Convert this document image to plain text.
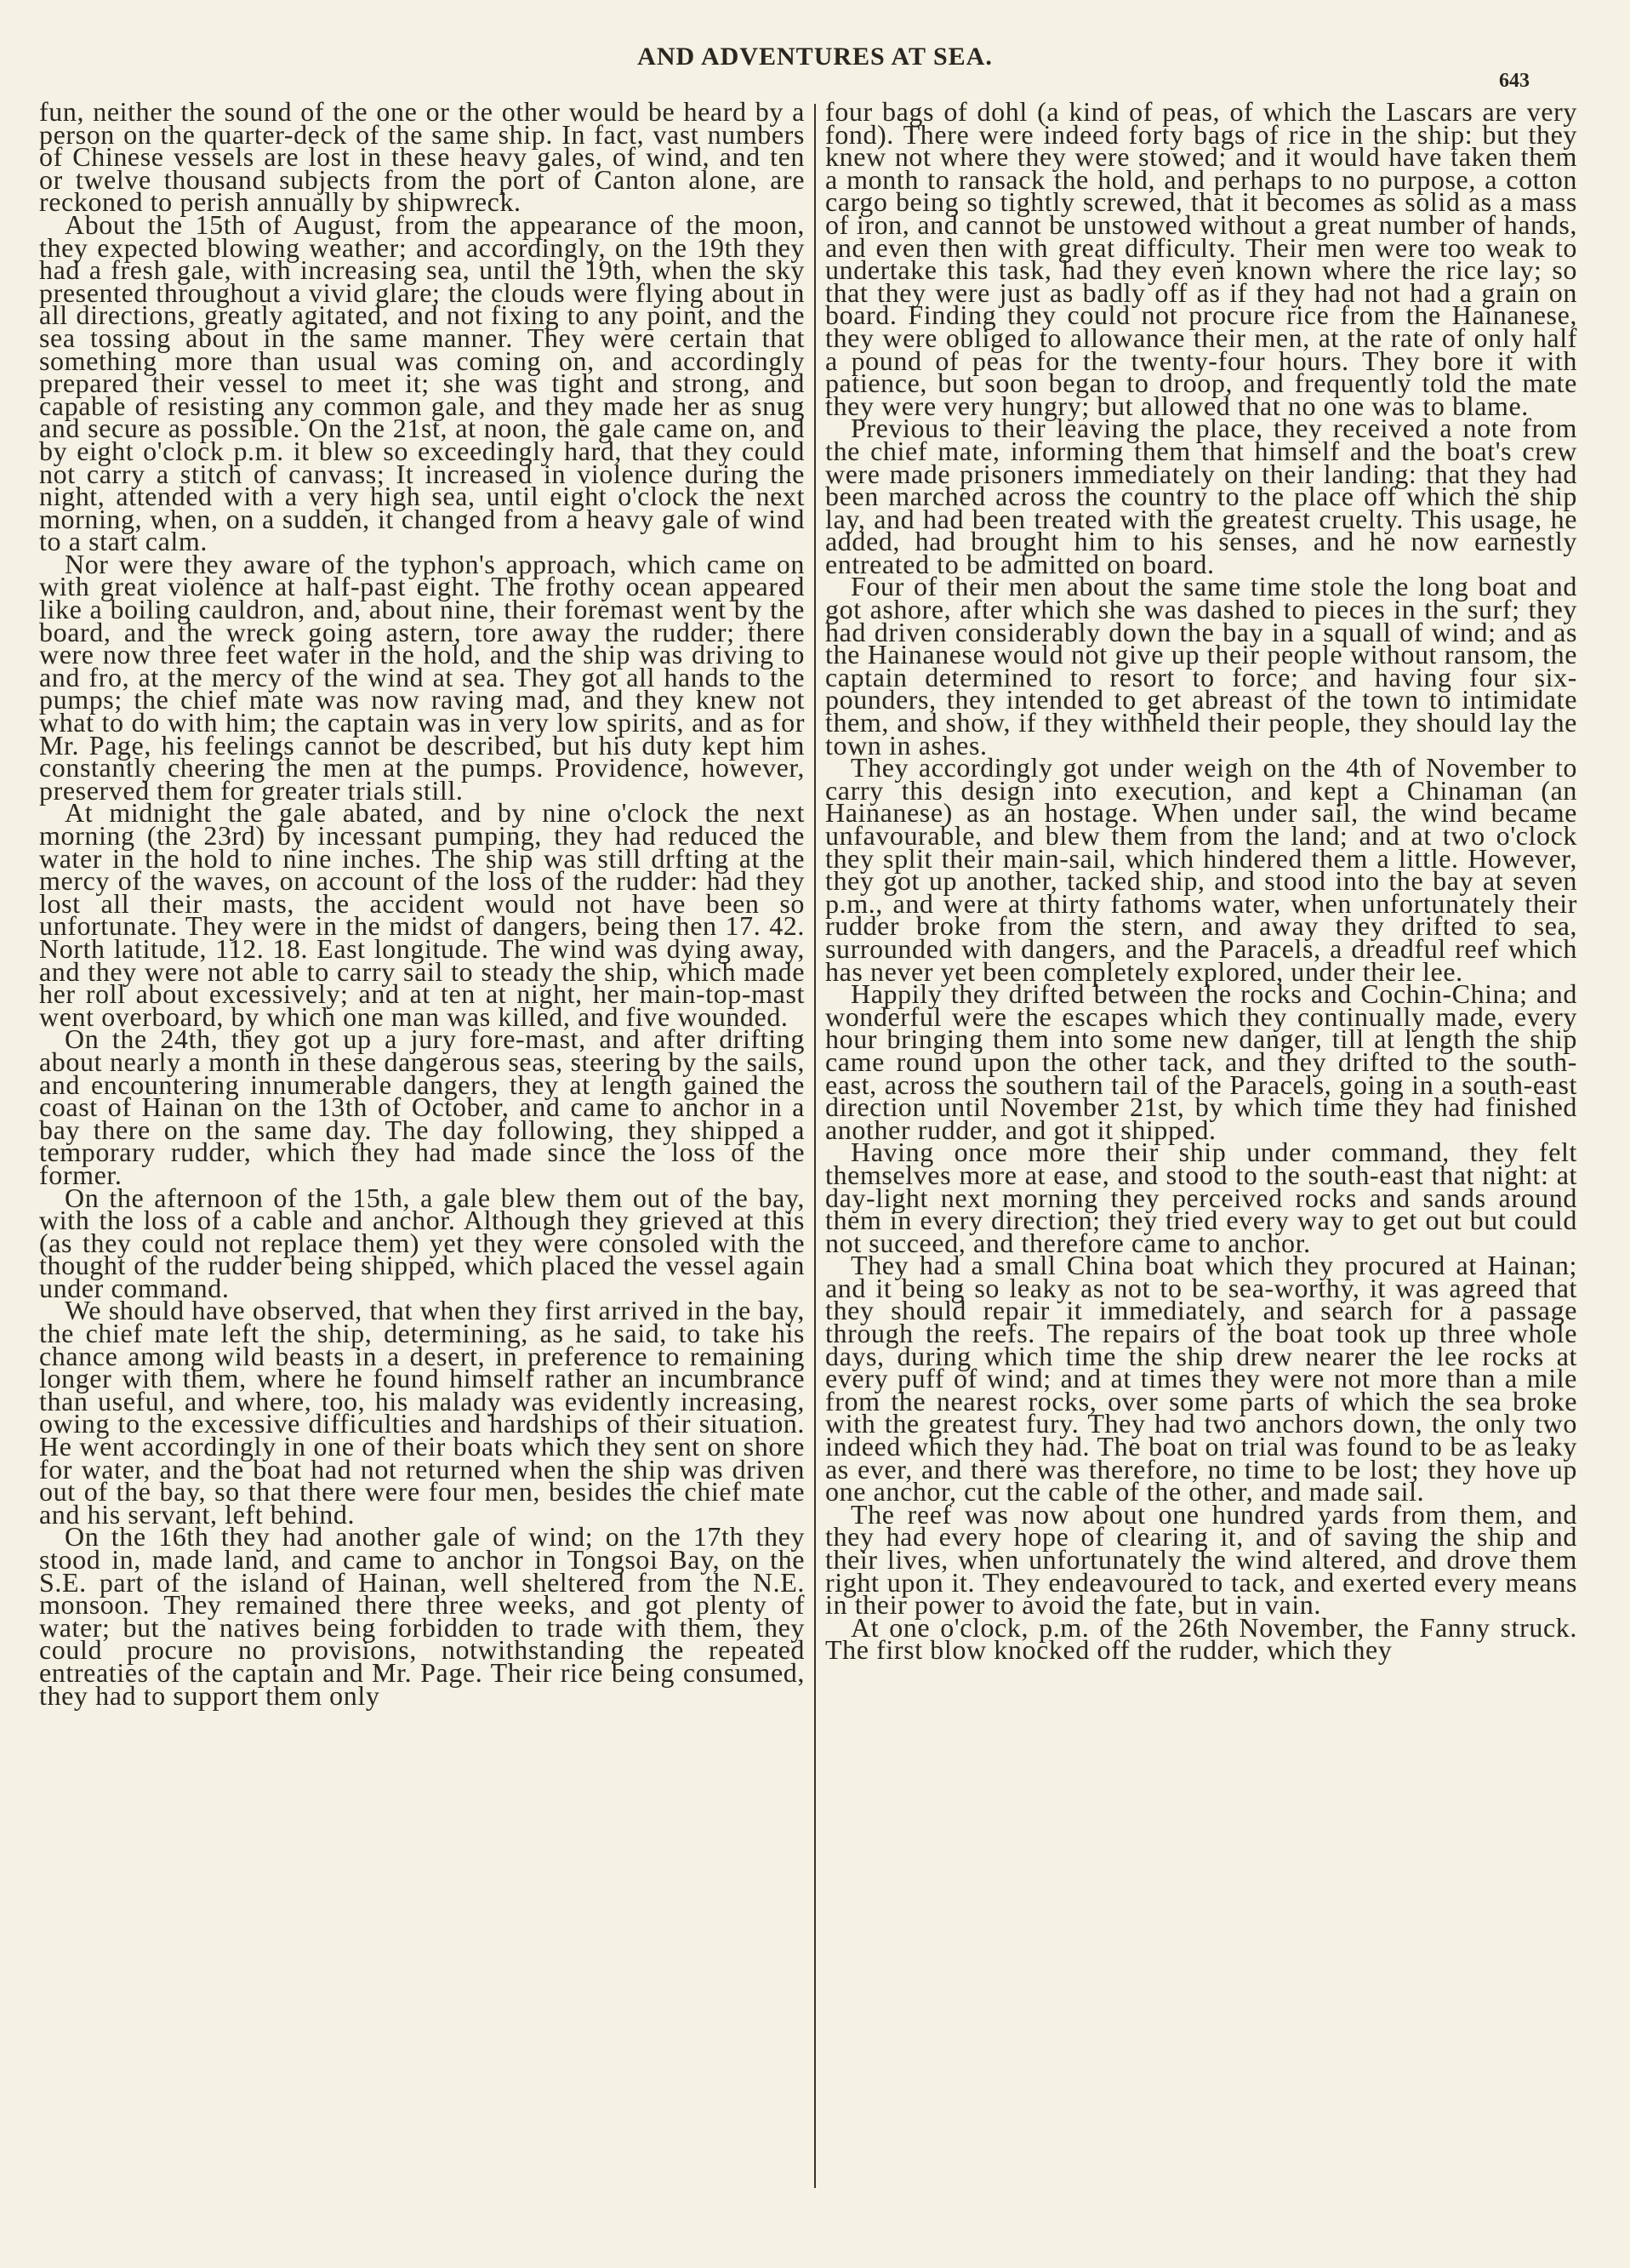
AND ADVENTURES AT SEA.
643

fun, neither the sound of the one or the other would be heard by a person on the quarter-deck of the same ship. In fact, vast numbers of Chinese vessels are lost in these heavy gales, of wind, and ten or twelve thousand subjects from the port of Canton alone, are reckoned to perish annually by shipwreck.

About the 15th of August, from the appearance of the moon, they expected blowing weather; and accordingly, on the 19th they had a fresh gale, with increasing sea, until the 19th, when the sky presented throughout a vivid glare; the clouds were flying about in all directions, greatly agitated, and not fixing to any point, and the sea tossing about in the same manner. They were certain that something more than usual was coming on, and accordingly prepared their vessel to meet it; she was tight and strong, and capable of resisting any common gale, and they made her as snug and secure as possible. On the 21st, at noon, the gale came on, and by eight o'clock p.m. it blew so exceedingly hard, that they could not carry a stitch of canvass; It increased in violence during the night, attended with a very high sea, until eight o'clock the next morning, when, on a sudden, it changed from a heavy gale of wind to a start calm.

Nor were they aware of the typhon's approach, which came on with great violence at half-past eight. The frothy ocean appeared like a boiling cauldron, and, about nine, their foremast went by the board, and the wreck going astern, tore away the rudder; there were now three feet water in the hold, and the ship was driving to and fro, at the mercy of the wind at sea. They got all hands to the pumps; the chief mate was now raving mad, and they knew not what to do with him; the captain was in very low spirits, and as for Mr. Page, his feelings cannot be described, but his duty kept him constantly cheering the men at the pumps. Providence, however, preserved them for greater trials still.

At midnight the gale abated, and by nine o'clock the next morning (the 23rd) by incessant pumping, they had reduced the water in the hold to nine inches. The ship was still drfting at the mercy of the waves, on account of the loss of the rudder: had they lost all their masts, the accident would not have been so unfortunate. They were in the midst of dangers, being then 17. 42. North latitude, 112. 18. East longitude. The wind was dying away, and they were not able to carry sail to steady the ship, which made her roll about excessively; and at ten at night, her main-top-mast went overboard, by which one man was killed, and five wounded.

On the 24th, they got up a jury fore-mast, and after drifting about nearly a month in these dangerous seas, steering by the sails, and encountering innumerable dangers, they at length gained the coast of Hainan on the 13th of October, and came to anchor in a bay there on the same day. The day following, they shipped a temporary rudder, which they had made since the loss of the former.

On the afternoon of the 15th, a gale blew them out of the bay, with the loss of a cable and anchor. Although they grieved at this (as they could not replace them) yet they were consoled with the thought of the rudder being shipped, which placed the vessel again under command.

We should have observed, that when they first arrived in the bay, the chief mate left the ship, determining, as he said, to take his chance among wild beasts in a desert, in preference to remaining longer with them, where he found himself rather an incumbrance than useful, and where, too, his malady was evidently increasing, owing to the excessive difficulties and hardships of their situation. He went accordingly in one of their boats which they sent on shore for water, and the boat had not returned when the ship was driven out of the bay, so that there were four men, besides the chief mate and his servant, left behind.

On the 16th they had another gale of wind; on the 17th they stood in, made land, and came to anchor in Tongsoi Bay, on the S.E. part of the island of Hainan, well sheltered from the N.E. monsoon. They remained there three weeks, and got plenty of water; but the natives being forbidden to trade with them, they could procure no provisions, notwithstanding the repeated entreaties of the captain and Mr. Page. Their rice being consumed, they had to support them only

four bags of dohl (a kind of peas, of which the Lascars are very fond). There were indeed forty bags of rice in the ship: but they knew not where they were stowed; and it would have taken them a month to ransack the hold, and perhaps to no purpose, a cotton cargo being so tightly screwed, that it becomes as solid as a mass of iron, and cannot be unstowed without a great number of hands, and even then with great difficulty. Their men were too weak to undertake this task, had they even known where the rice lay; so that they were just as badly off as if they had not had a grain on board. Finding they could not procure rice from the Hainanese, they were obliged to allowance their men, at the rate of only half a pound of peas for the twenty-four hours. They bore it with patience, but soon began to droop, and frequently told the mate they were very hungry; but allowed that no one was to blame.

Previous to their leaving the place, they received a note from the chief mate, informing them that himself and the boat's crew were made prisoners immediately on their landing: that they had been marched across the country to the place off which the ship lay, and had been treated with the greatest cruelty. This usage, he added, had brought him to his senses, and he now earnestly entreated to be admitted on board.

Four of their men about the same time stole the long boat and got ashore, after which she was dashed to pieces in the surf; they had driven considerably down the bay in a squall of wind; and as the Hainanese would not give up their people without ransom, the captain determined to resort to force; and having four six-pounders, they intended to get abreast of the town to intimidate them, and show, if they withheld their people, they should lay the town in ashes.

They accordingly got under weigh on the 4th of November to carry this design into execution, and kept a Chinaman (an Hainanese) as an hostage. When under sail, the wind became unfavourable, and blew them from the land; and at two o'clock they split their main-sail, which hindered them a little. However, they got up another, tacked ship, and stood into the bay at seven p.m., and were at thirty fathoms water, when unfortunately their rudder broke from the stern, and away they drifted to sea, surrounded with dangers, and the Paracels, a dreadful reef which has never yet been completely explored, under their lee.

Happily they drifted between the rocks and Cochin-China; and wonderful were the escapes which they continually made, every hour bringing them into some new danger, till at length the ship came round upon the other tack, and they drifted to the south-east, across the southern tail of the Paracels, going in a south-east direction until November 21st, by which time they had finished another rudder, and got it shipped.

Having once more their ship under command, they felt themselves more at ease, and stood to the south-east that night: at day-light next morning they perceived rocks and sands around them in every direction; they tried every way to get out but could not succeed, and therefore came to anchor.

They had a small China boat which they procured at Hainan; and it being so leaky as not to be sea-worthy, it was agreed that they should repair it immediately, and search for a passage through the reefs. The repairs of the boat took up three whole days, during which time the ship drew nearer the lee rocks at every puff of wind; and at times they were not more than a mile from the nearest rocks, over some parts of which the sea broke with the greatest fury. They had two anchors down, the only two indeed which they had. The boat on trial was found to be as leaky as ever, and there was therefore, no time to be lost; they hove up one anchor, cut the cable of the other, and made sail.

The reef was now about one hundred yards from them, and they had every hope of clearing it, and of saving the ship and their lives, when unfortunately the wind altered, and drove them right upon it. They endeavoured to tack, and exerted every means in their power to avoid the fate, but in vain.

At one o'clock, p.m. of the 26th November, the Fanny struck. The first blow knocked off the rudder, which they
